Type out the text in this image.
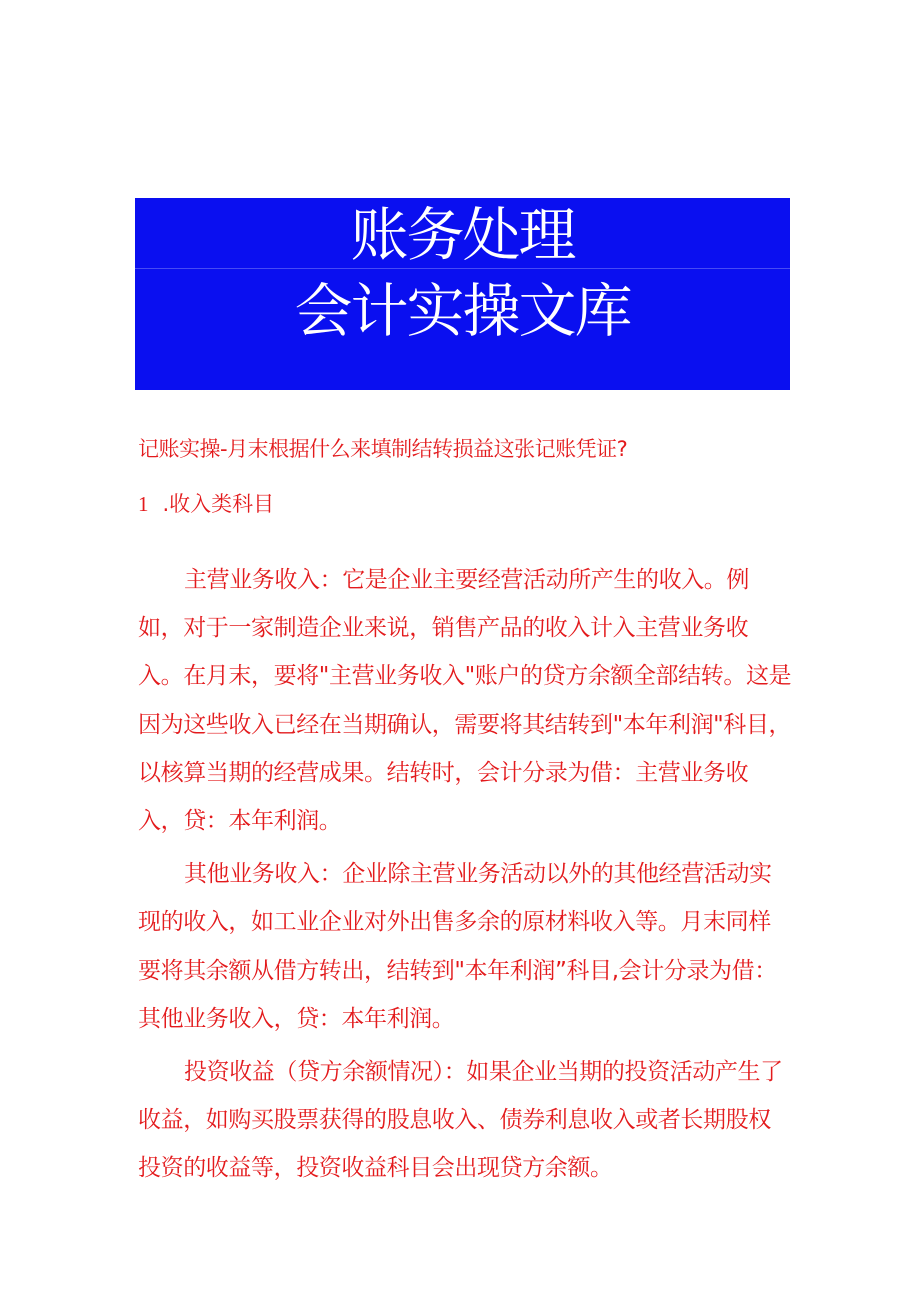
账务处理
会计实操文库
记账实操-月末根据什么来填制结转损益这张记账凭证?
1 .收入类科目

主营业务收入：它是企业主要经营活动所产生的收入。例如，对于一家制造企业来说，销售产品的收入计入主营业务收入。在月末，要将"主营业务收入"账户的贷方余额全部结转。这是因为这些收入已经在当期确认，需要将其结转到"本年利润"科目，以核算当期的经营成果。结转时，会计分录为借：主营业务收入，贷：本年利润。

其他业务收入：企业除主营业务活动以外的其他经营活动实现的收入，如工业企业对外出售多余的原材料收入等。月末同样要将其余额从借方转出，结转到"本年利润”科目,会计分录为借：其他业务收入，贷：本年利润。

投资收益（贷方余额情况）：如果企业当期的投资活动产生了收益，如购买股票获得的股息收入、债券利息收入或者长期股权投资的收益等，投资收益科目会出现贷方余额。
